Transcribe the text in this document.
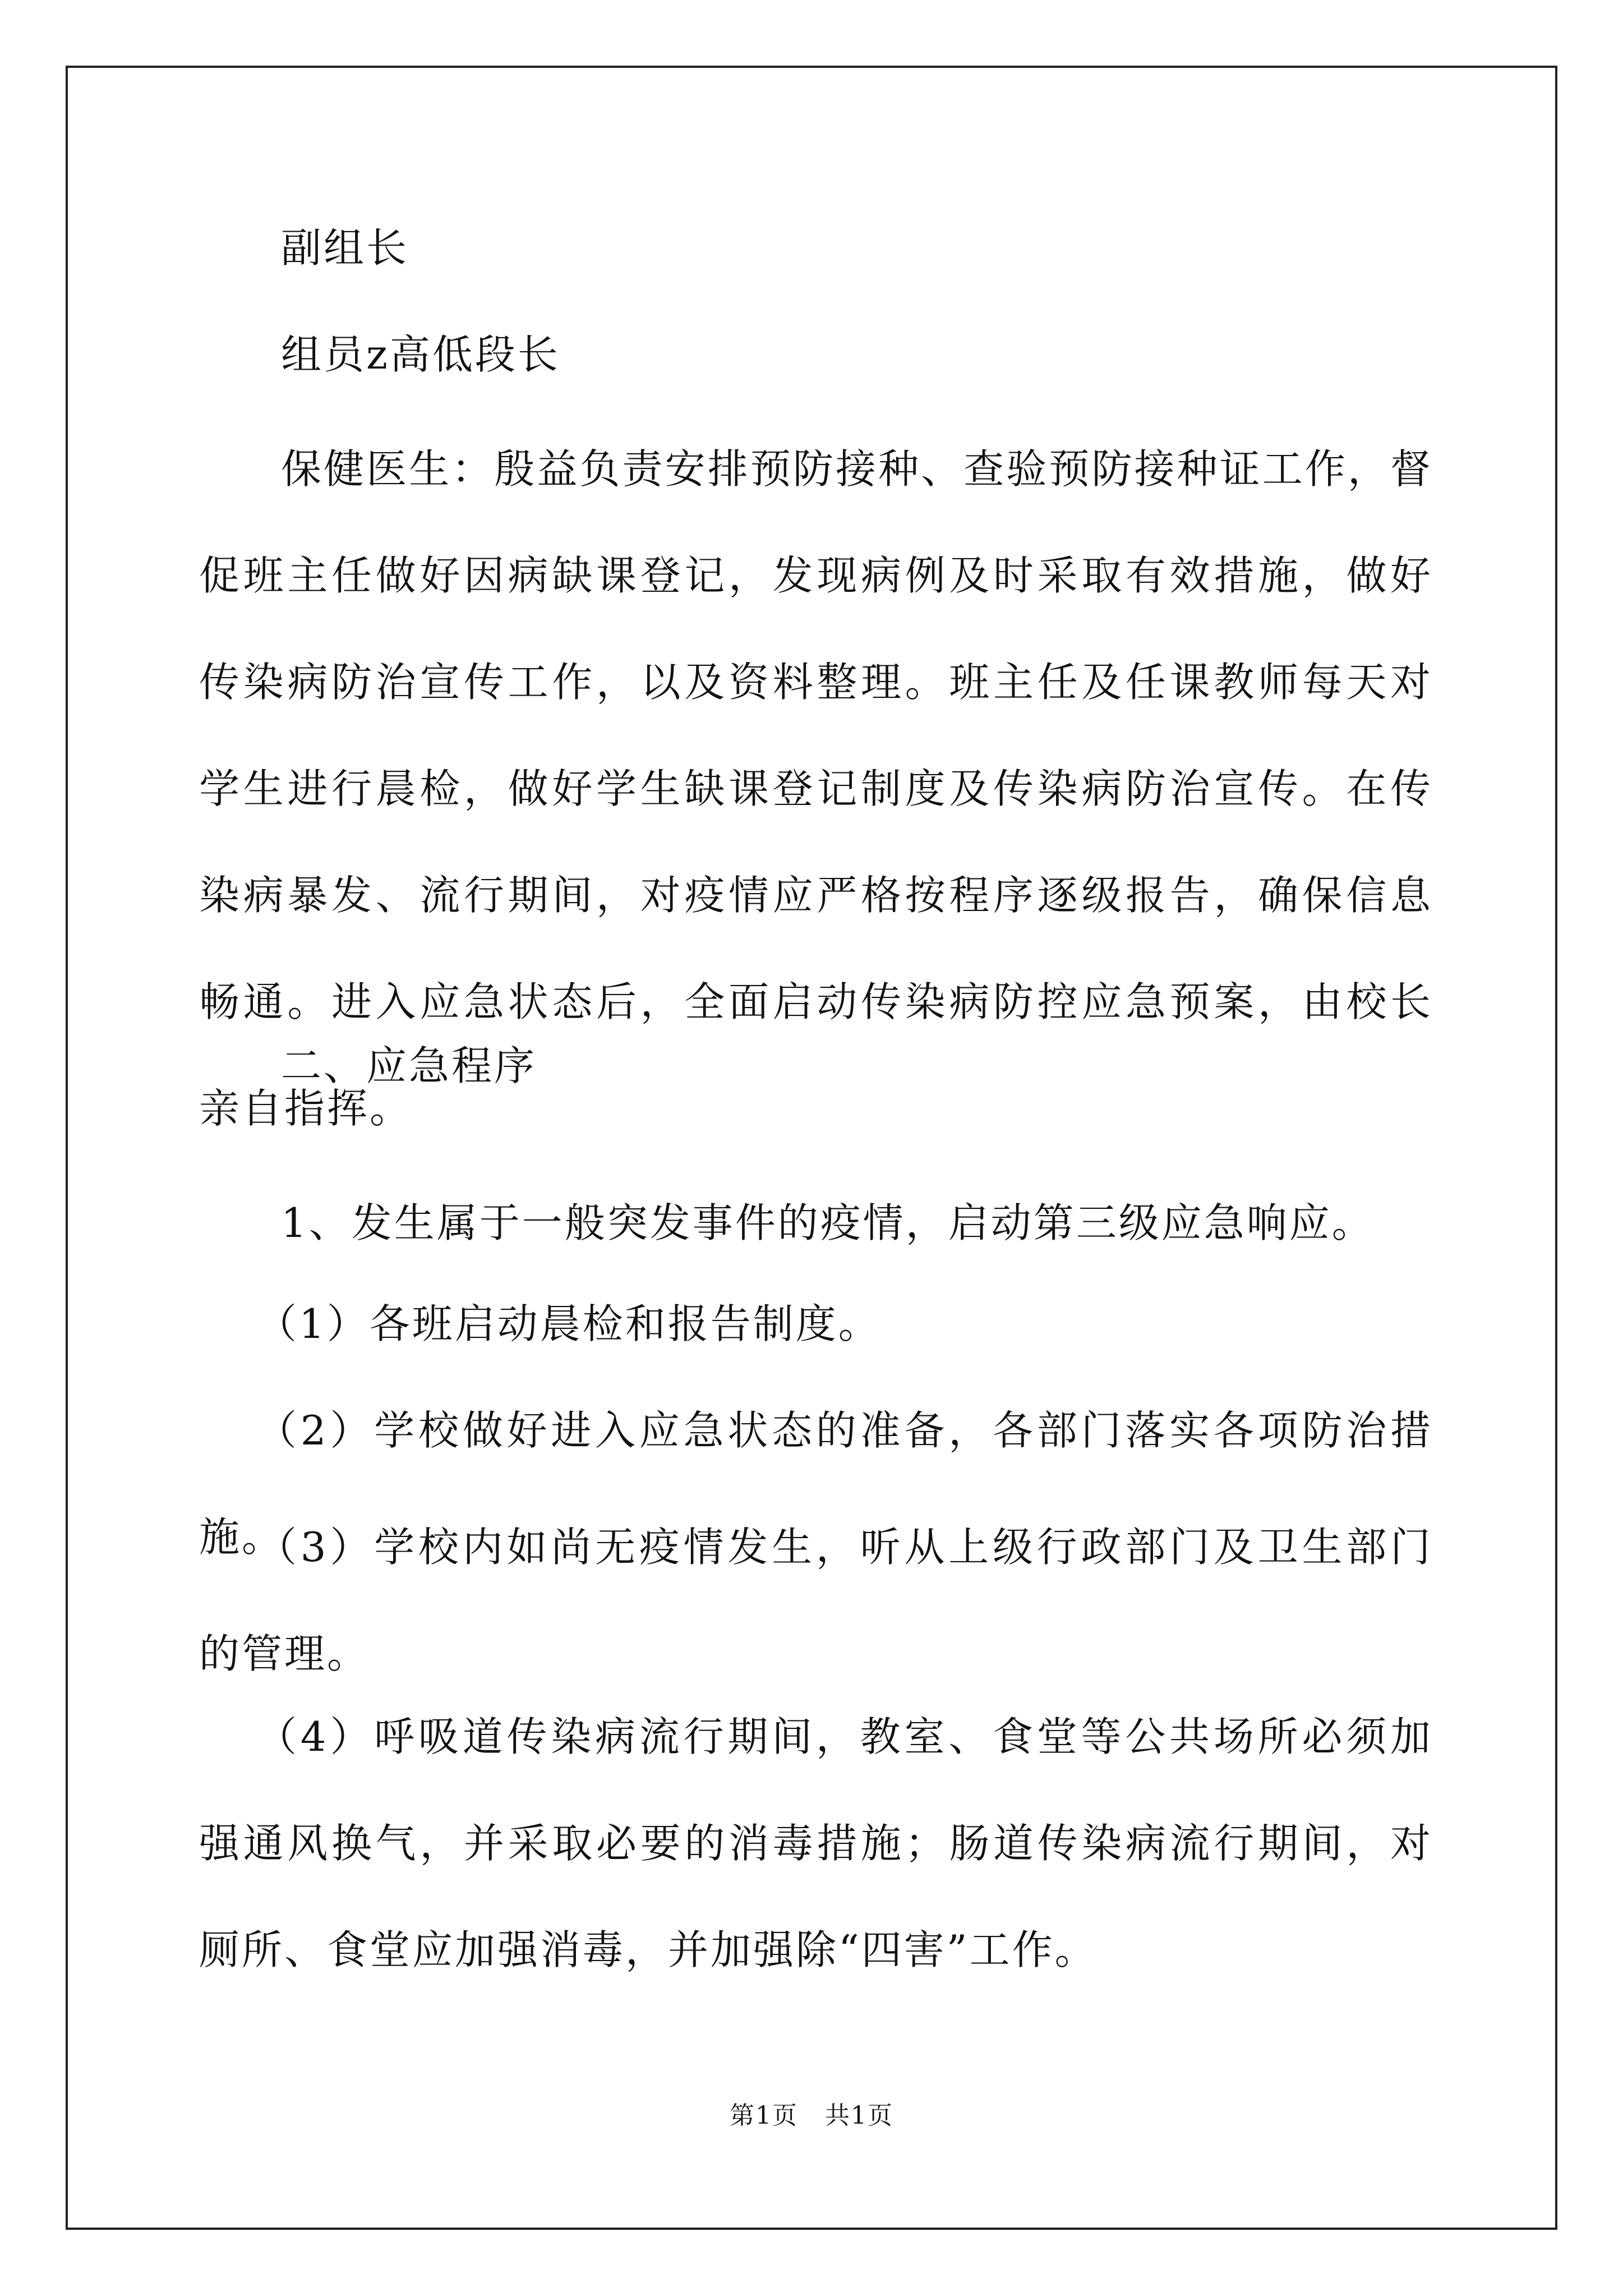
副组长

组员z高低段长

保健医生：殷益负责安排预防接种、查验预防接种证工作，督促班主任做好因病缺课登记，发现病例及时采取有效措施，做好传染病防治宣传工作，以及资料整理。班主任及任课教师每天对学生进行晨检，做好学生缺课登记制度及传染病防治宣传。在传染病暴发、流行期间，对疫情应严格按程序逐级报告，确保信息畅通。进入应急状态后，全面启动传染病防控应急预案，由校长亲自指挥。

二、应急程序

1、发生属于一般突发事件的疫情，启动第三级应急响应。

（1）各班启动晨检和报告制度。

（2）学校做好进入应急状态的准备，各部门落实各项防治措施。

（3）学校内如尚无疫情发生，听从上级行政部门及卫生部门的管理。

（4）呼吸道传染病流行期间，教室、食堂等公共场所必须加强通风换气，并采取必要的消毒措施；肠道传染病流行期间，对厕所、食堂应加强消毒，并加强除“四害”工作。

第1页 共1页
